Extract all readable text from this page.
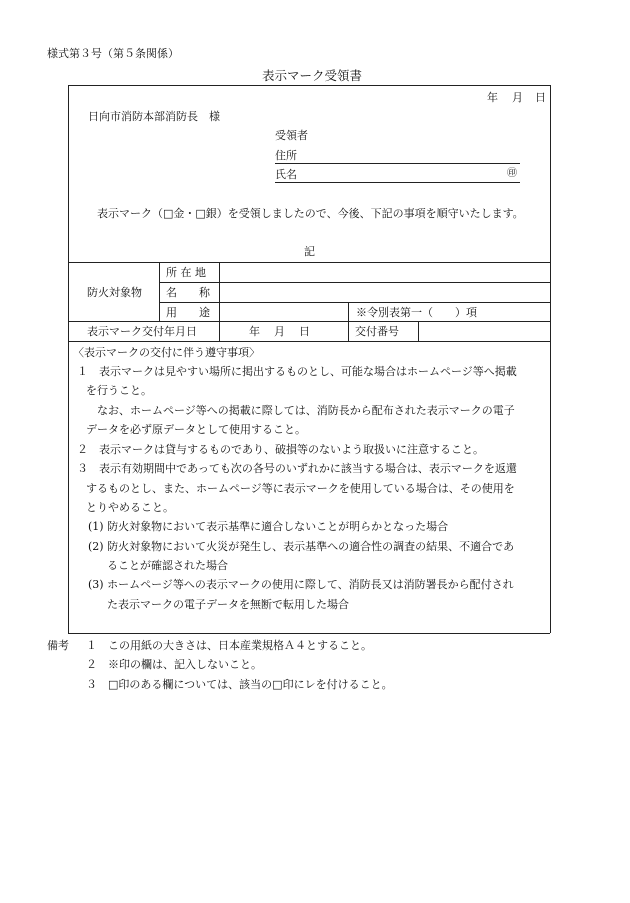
様式第３号（第５条関係）
表示マーク受領書
年 月 日
日向市消防本部消防長　様
受領者
住所
氏名	㊞
表示マーク（□金・□銀）を受領しましたので、今後、下記の事項を順守いたします。
記
防火対象物
所 在 地
名　　称
用　　途	※令別表第一（　　）項
表示マーク交付年月日	年 月 日	交付番号
〈表示マークの交付に伴う遵守事項〉
１　表示マークは見やすい場所に掲出するものとし、可能な場合はホームページ等へ掲載
を行うこと。
なお、ホームページ等への掲載に際しては、消防長から配布された表示マークの電子
データを必ず原データとして使用すること。
２　表示マークは貸与するものであり、破損等のないよう取扱いに注意すること。
３　表示有効期間中であっても次の各号のいずれかに該当する場合は、表示マークを返還
するものとし、また、ホームページ等に表示マークを使用している場合は、その使用を
とりやめること。
(1) 防火対象物において表示基準に適合しないことが明らかとなった場合
(2) 防火対象物において火災が発生し、表示基準への適合性の調査の結果、不適合であ
ることが確認された場合
(3) ホームページ等への表示マークの使用に際して、消防長又は消防署長から配付され
た表示マークの電子データを無断で転用した場合
備考 １　この用紙の大きさは、日本産業規格Ａ４とすること。
２　※印の欄は、記入しないこと。
３　□印のある欄については、該当の□印にレを付けること。
